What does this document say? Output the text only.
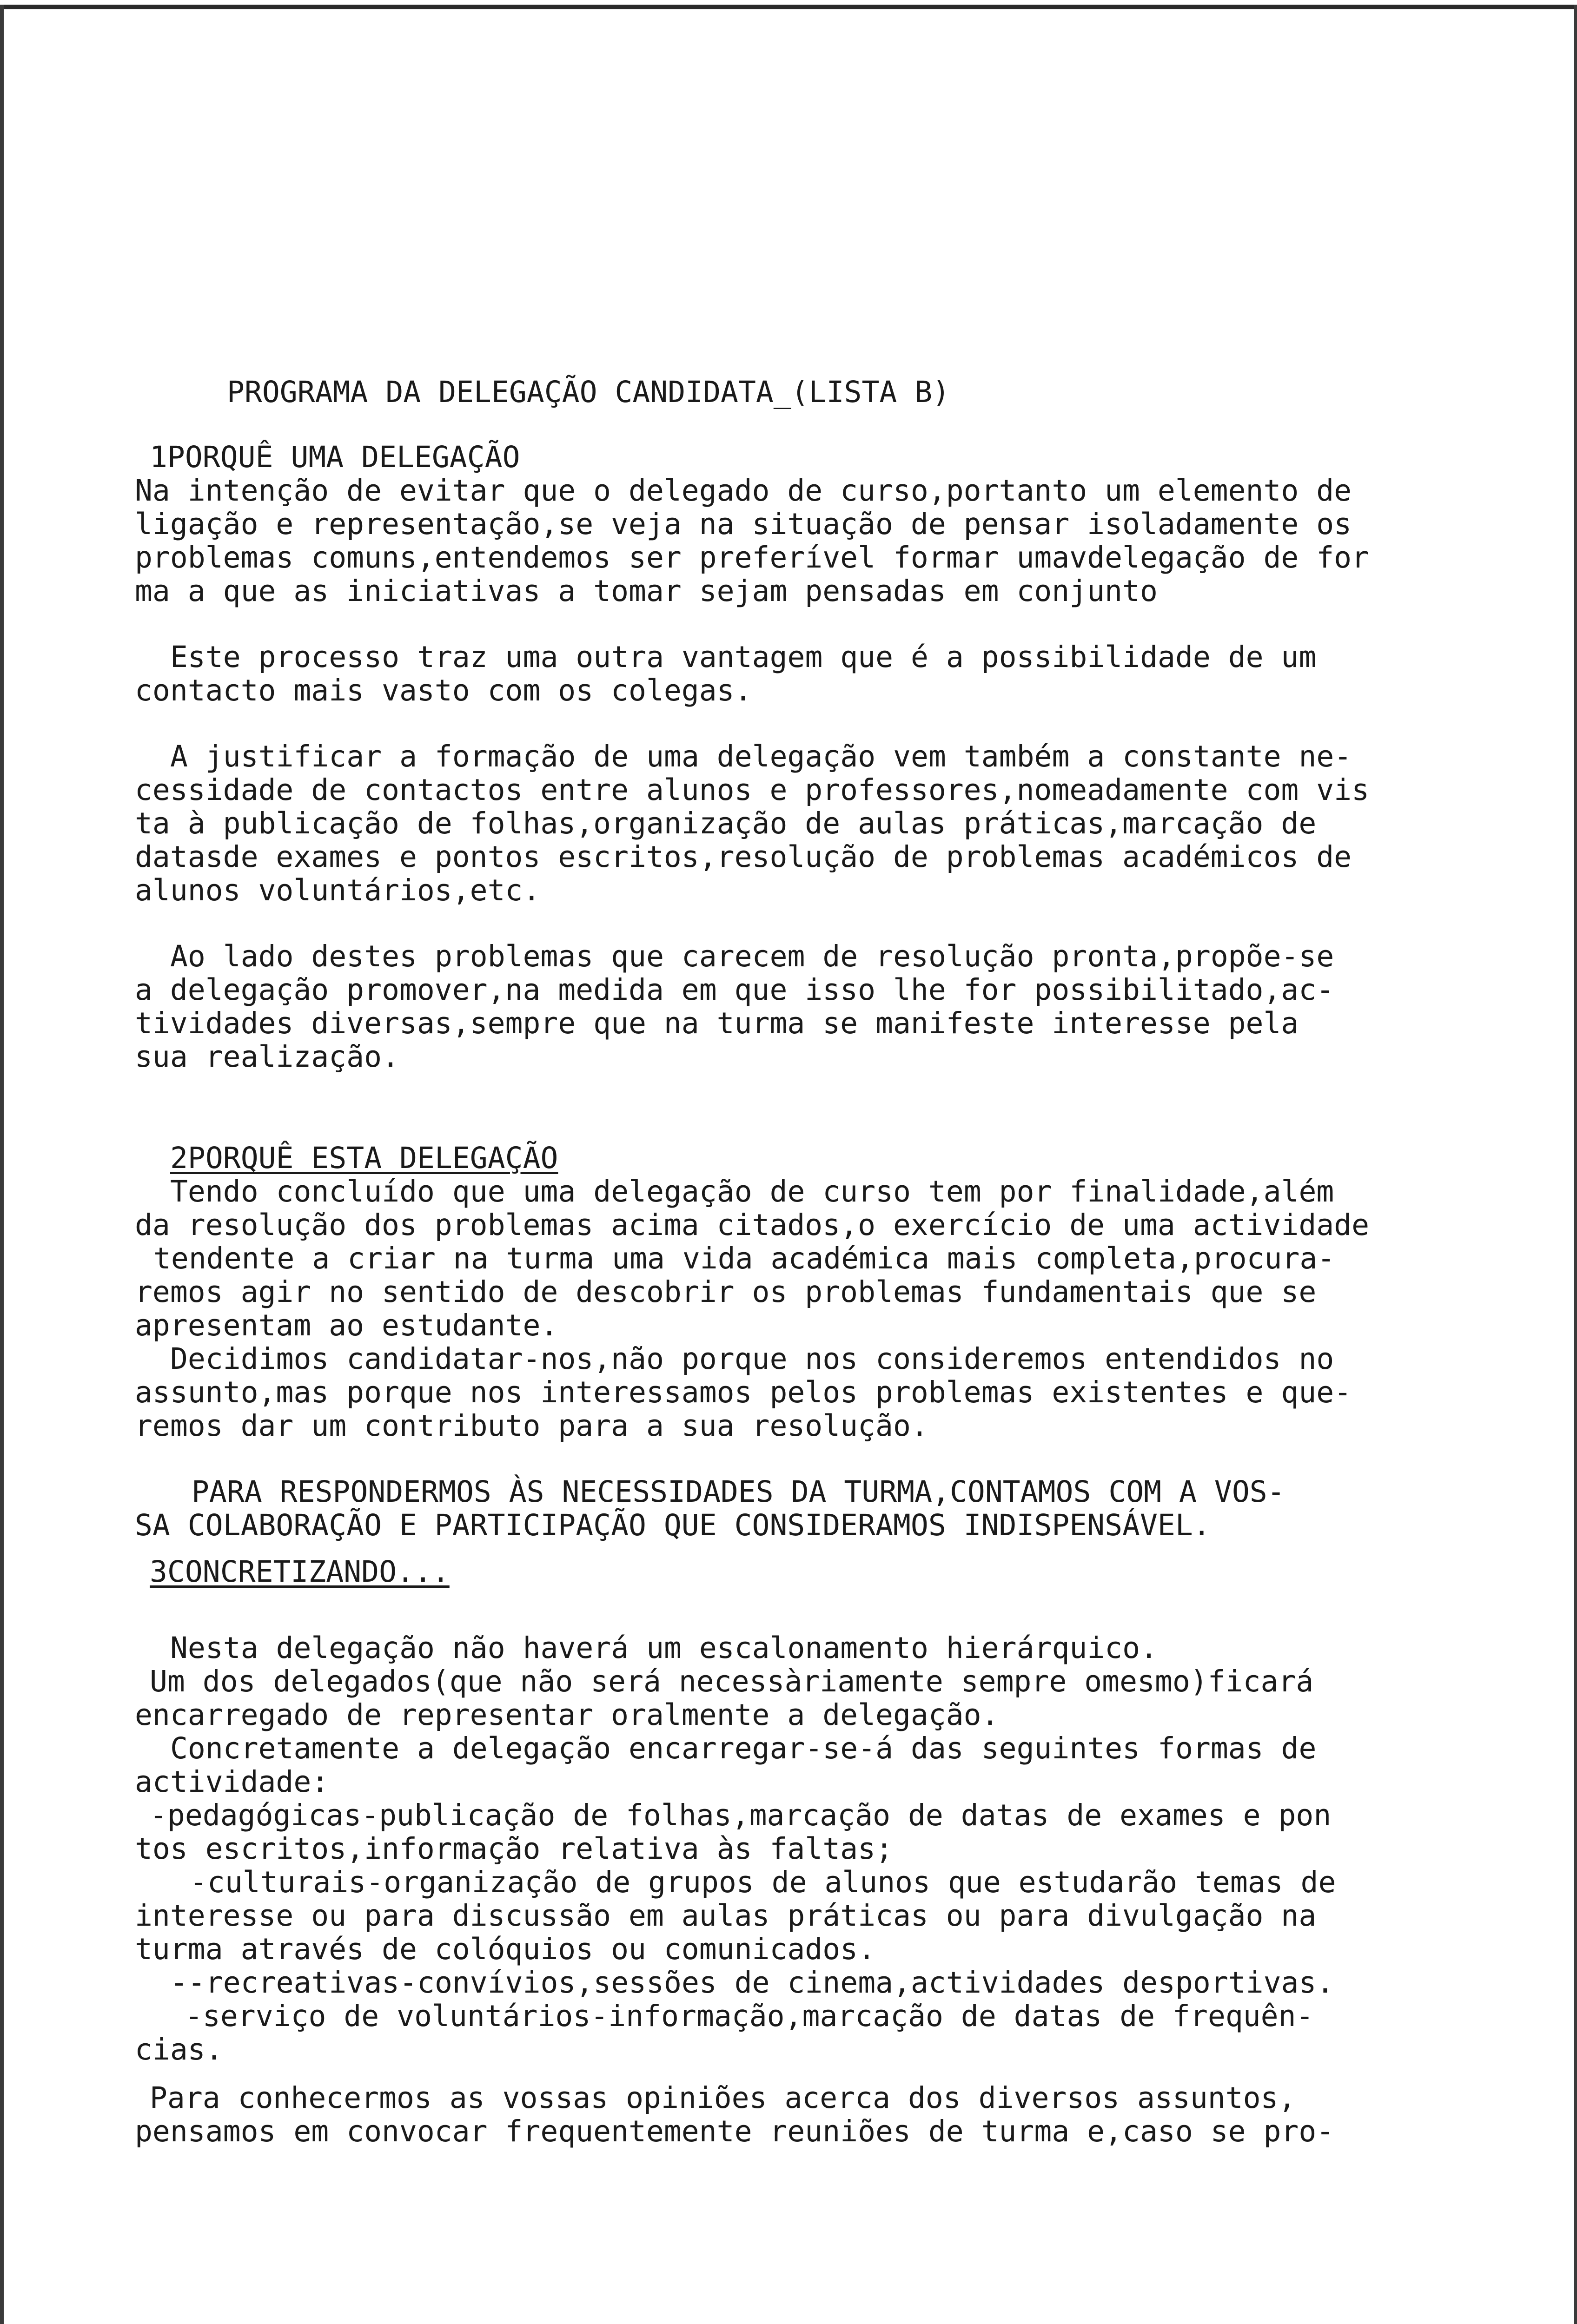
PROGRAMA DA DELEGAÇÃO CANDIDATA_(LISTA B)
1PORQUÊ UMA DELEGAÇÃO
Na intenção de evitar que o delegado de curso,portanto um elemento de
ligação e representação,se veja na situação de pensar isoladamente os
problemas comuns,entendemos ser preferível formar umavdelegação de for
ma a que as iniciativas a tomar sejam pensadas em conjunto
Este processo traz uma outra vantagem que é a possibilidade de um
contacto mais vasto com os colegas.
A justificar a formação de uma delegação vem também a constante ne-
cessidade de contactos entre alunos e professores,nomeadamente com vis
ta à publicação de folhas,organização de aulas práticas,marcação de
datasde exames e pontos escritos,resolução de problemas académicos de
alunos voluntários,etc.
Ao lado destes problemas que carecem de resolução pronta,propõe-se
a delegação promover,na medida em que isso lhe for possibilitado,ac-
tividades diversas,sempre que na turma se manifeste interesse pela
sua realização.
2PORQUÊ ESTA DELEGAÇÃO
Tendo concluído que uma delegação de curso tem por finalidade,além
da resolução dos problemas acima citados,o exercício de uma actividade
tendente a criar na turma uma vida académica mais completa,procura-
remos agir no sentido de descobrir os problemas fundamentais que se
apresentam ao estudante.
Decidimos candidatar-nos,não porque nos consideremos entendidos no
assunto,mas porque nos interessamos pelos problemas existentes e que-
remos dar um contributo para a sua resolução.
PARA RESPONDERMOS ÀS NECESSIDADES DA TURMA,CONTAMOS COM A VOS-
SA COLABORAÇÃO E PARTICIPAÇÃO QUE CONSIDERAMOS INDISPENSÁVEL.
3CONCRETIZANDO...
Nesta delegação não haverá um escalonamento hierárquico.
Um dos delegados(que não será necessàriamente sempre omesmo)ficará
encarregado de representar oralmente a delegação.
Concretamente a delegação encarregar-se-á das seguintes formas de
actividade:
-pedagógicas-publicação de folhas,marcação de datas de exames e pon
tos escritos,informação relativa às faltas;
-culturais-organização de grupos de alunos que estudarão temas de
interesse ou para discussão em aulas práticas ou para divulgação na
turma através de colóquios ou comunicados.
--recreativas-convívios,sessões de cinema,actividades desportivas.
-serviço de voluntários-informação,marcação de datas de frequên-
cias.
Para conhecermos as vossas opiniões acerca dos diversos assuntos,
pensamos em convocar frequentemente reuniões de turma e,caso se pro-
